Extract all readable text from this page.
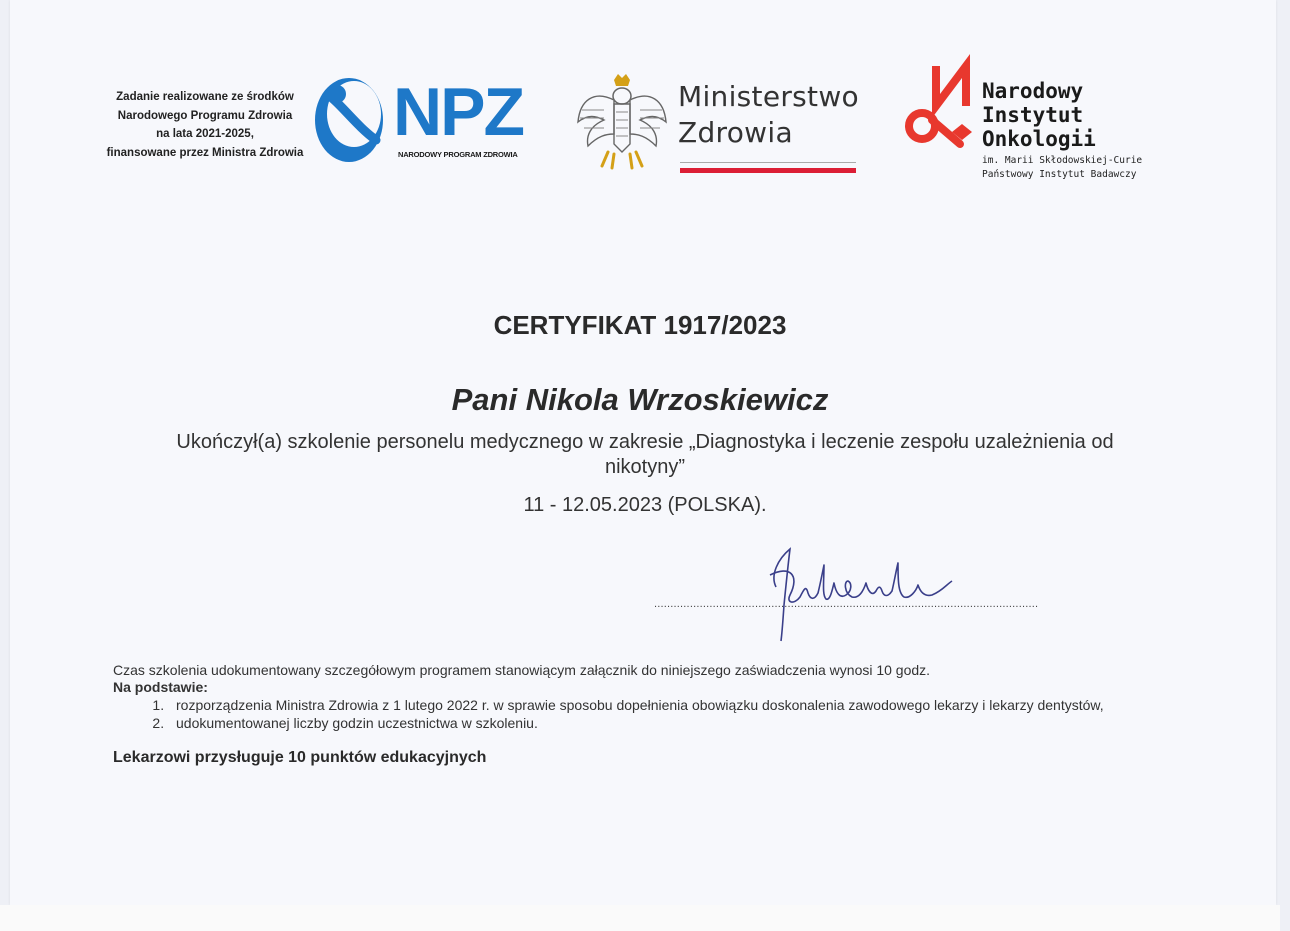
Zadanie realizowane ze środków
Narodowego Programu Zdrowia
na lata 2021-2025,
finansowane przez Ministra Zdrowia
NPZ
NARODOWY PROGRAM ZDROWIA
Ministerstwo
Zdrowia
Narodowy
Instytut
Onkologii
im. Marii Skłodowskiej-Curie
Państwowy Instytut Badawczy
CERTYFIKAT 1917/2023
Pani Nikola Wrzoskiewicz
Ukończył(a) szkolenie personelu medycznego w zakresie „Diagnostyka i leczenie zespołu uzależnienia od nikotyny”
11 - 12.05.2023 (POLSKA).
......................................................................................................................
Czas szkolenia udokumentowany szczegółowym programem stanowiącym załącznik do niniejszego zaświadczenia wynosi 10 godz.
Na podstawie:
1. rozporządzenia Ministra Zdrowia z 1 lutego 2022 r. w sprawie sposobu dopełnienia obowiązku doskonalenia zawodowego lekarzy i lekarzy dentystów,
2. udokumentowanej liczby godzin uczestnictwa w szkoleniu.
Lekarzowi przysługuje 10 punktów edukacyjnych
